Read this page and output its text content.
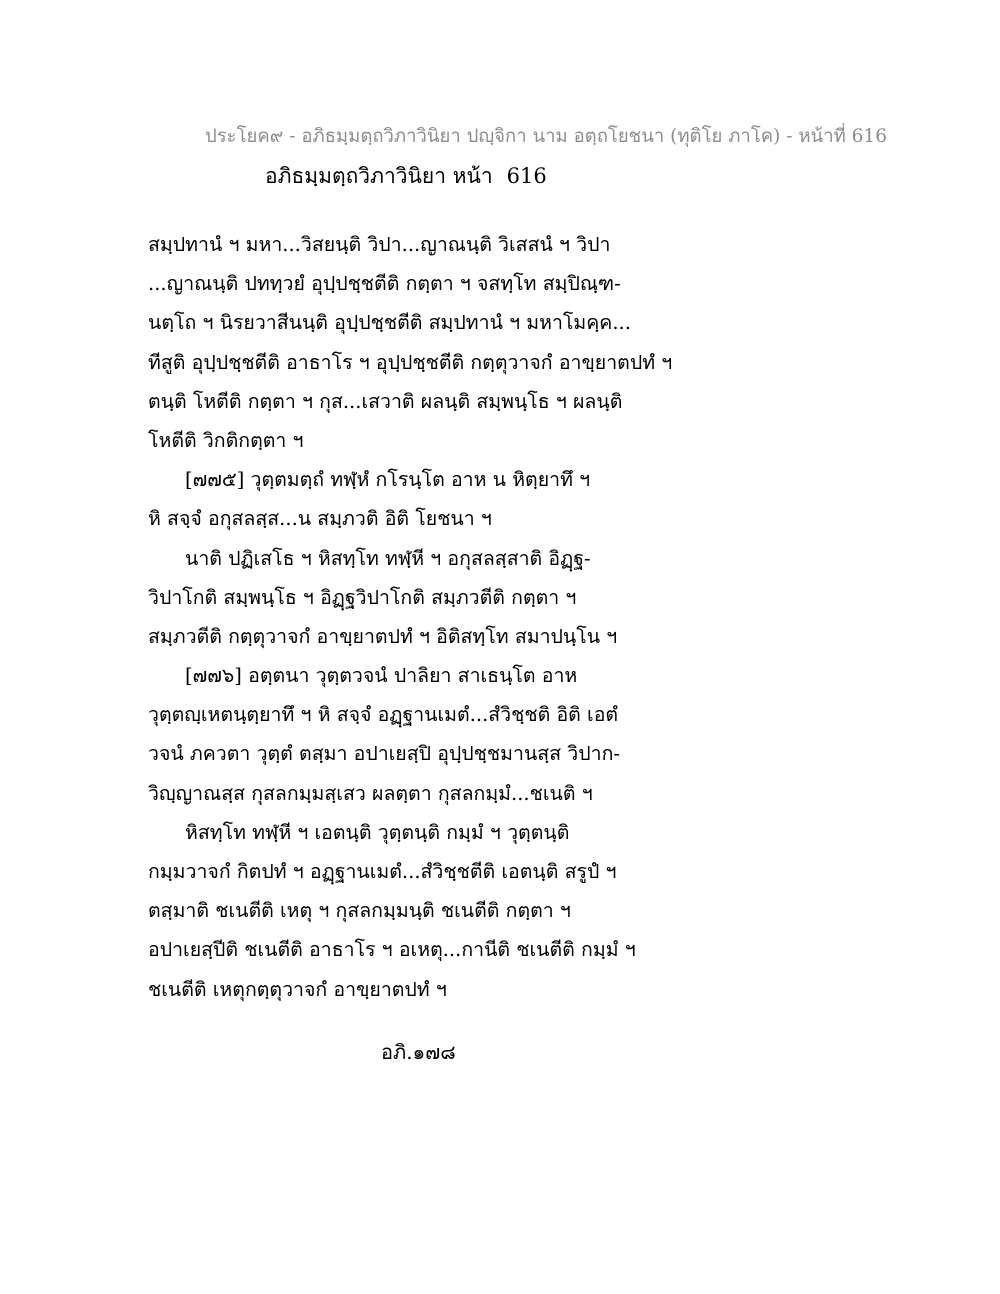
ประโยค๙ - อภิธมฺมตฺถวิภาวินิยา ปญฺจิกา นาม อตฺถโยชนา (ทุติโย ภาโค) - หน้าที่ 616
อภิธมฺมตฺถวิภาวินิยา หน้า 616
สมฺปทานํ ฯ มหา...วิสยนฺติ วิปา...ญาณนฺติ วิเสสนํ ฯ วิปา
...ญาณนฺติ ปททฺวยํ อุปฺปชฺชตีติ กตฺตา ฯ จสทฺโท สมฺปิณฺฑ-
นตฺโถ ฯ นิรยวาสีนนฺติ อุปฺปชฺชตีติ สมฺปทานํ ฯ มหาโมคฺค...
ทีสูติ อุปฺปชฺชตีติ อาธาโร ฯ อุปฺปชฺชตีติ กตฺตุวาจกํ อาขฺยาตปทํ ฯ
ตนฺติ โหตีติ กตฺตา ฯ กุส...เสวาติ ผลนฺติ สมฺพนฺโธ ฯ ผลนฺติ
โหตีติ วิกติกตฺตา ฯ
[๗๗๕] วุตฺตมตฺถํ ทฬฺหํ กโรนฺโต อาห น หิตฺยาทึ ฯ
หิ สจฺจํ อกุสลสฺส...น สมฺภวติ อิติ โยชนา ฯ
นาติ ปฏิเสโธ ฯ หิสทฺโท ทฬฺหี ฯ อกุสลสฺสาติ อิฏฺฐ-
วิปาโกติ สมฺพนฺโธ ฯ อิฏฺฐวิปาโกติ สมฺภวตีติ กตฺตา ฯ
สมฺภวตีติ กตฺตุวาจกํ อาขฺยาตปทํ ฯ อิติสทฺโท สมาปนฺโน ฯ
[๗๗๖] อตฺตนา วุตฺตวจนํ ปาลิยา สาเธนฺโต อาห
วุตฺตญฺเหตนฺตฺยาทึ ฯ หิ สจฺจํ อฏฺฐานเมตํ...สํวิชฺชติ อิติ เอตํ
วจนํ ภควตา วุตฺตํ ตสฺมา อปาเยสฺปิ อุปฺปชฺชมานสฺส วิปาก-
วิญฺญาณสฺส กุสลกมฺมสฺเสว ผลตฺตา กุสลกมฺมํ...ชเนติ ฯ
หิสทฺโท ทฬฺหี ฯ เอตนฺติ วุตฺตนฺติ กมฺมํ ฯ วุตฺตนฺติ
กมฺมวาจกํ กิตปทํ ฯ อฏฺฐานเมตํ...สํวิชฺชตีติ เอตนฺติ สรูปํ ฯ
ตสฺมาติ ชเนตีติ เหตุ ฯ กุสลกมฺมนฺติ ชเนตีติ กตฺตา ฯ
อปาเยสฺปีติ ชเนตีติ อาธาโร ฯ อเหตุ...กานีติ ชเนตีติ กมฺมํ ฯ
ชเนตีติ เหตุกตฺตุวาจกํ อาขฺยาตปทํ ฯ
อภิ.๑๗๘
